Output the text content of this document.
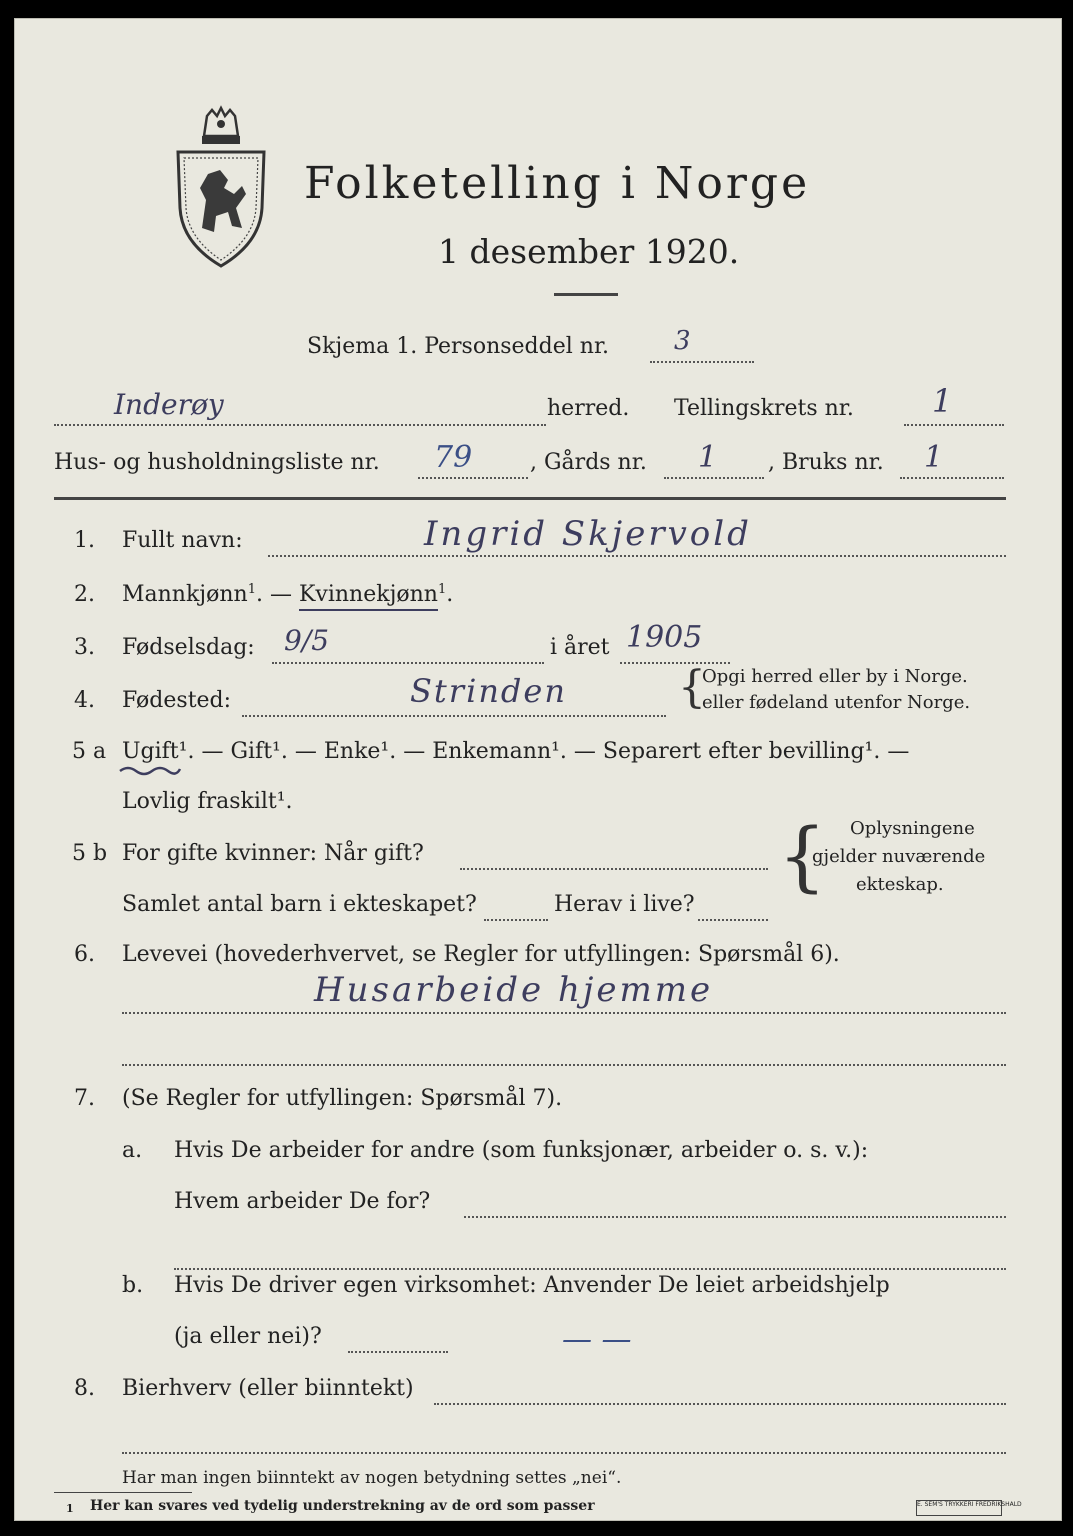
Folketelling i Norge
1 desember 1920.
Skjema 1. Personseddel nr. 3
Inderøy	herred. Tellingskrets nr. 1
Hus- og husholdningsliste nr. 79	, Gårds nr. 1 , Bruks nr. 1
1. Fullt navn:	Ingrid Skjervold
2. Mannkjønn$^1$. — Kvinnekjønn$^1$.
3. Fødselsdag: 9/5	i året 1905
4. Fødested:	Strinden	{
Opgi herred eller by i Norge.
eller fødeland utenfor Norge.
5 a Ugift¹. — Gift¹. — Enke¹. — Enkemann¹. — Separert efter bevilling¹. —
Lovlig fraskilt¹.
5 b For gifte kvinner: Når gift?
Samlet antal barn i ekteskapet?	Herav i live?
{ Oplysningene
gjelder nuværende
ekteskap.
6. Levevei (hovederhvervet, se Regler for utfyllingen: Spørsmål 6).
Husarbeide hjemme
7. (Se Regler for utfyllingen: Spørsmål 7).
a. Hvis De arbeider for andre (som funksjonær, arbeider o. s. v.):
Hvem arbeider De for?
b. Hvis De driver egen virksomhet: Anvender De leiet arbeidshjelp
(ja eller nei)?	— —
8. Bierhverv (eller biinntekt)
Har man ingen biinntekt av nogen betydning settes „nei“.
1 Her kan svares ved tydelig understrekning av de ord som passer	E. SEM'S TRYKKERI FREDRIKSHALD
